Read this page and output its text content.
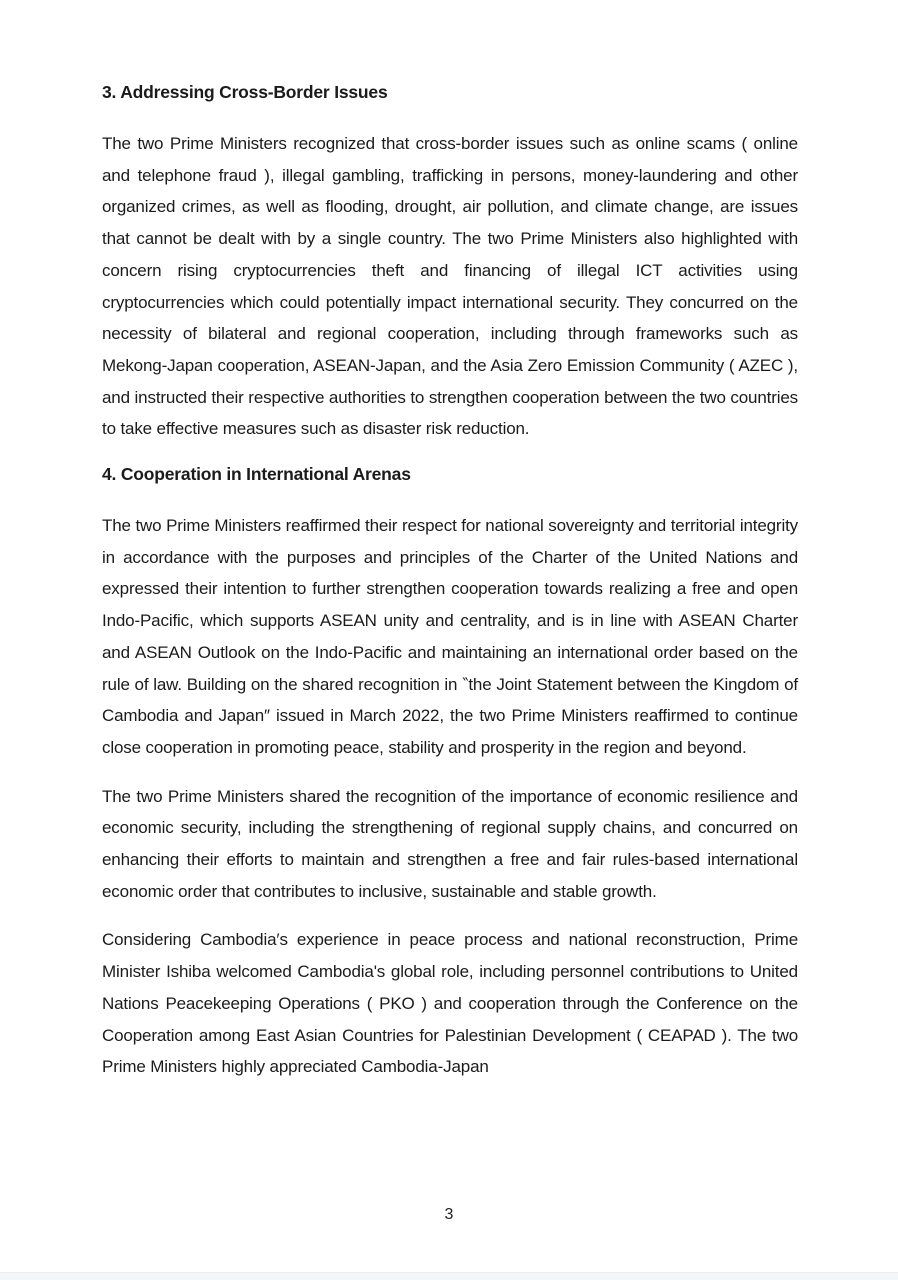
3. Addressing Cross-Border Issues

The two Prime Ministers recognized that cross-border issues such as online scams ( online and telephone fraud ), illegal gambling, trafficking in persons, money-laundering and other organized crimes, as well as flooding, drought, air pollution, and climate change, are issues that cannot be dealt with by a single country. The two Prime Ministers also highlighted with concern rising cryptocurrencies theft and financing of illegal ICT activities using cryptocurrencies which could potentially impact international security. They concurred on the necessity of bilateral and regional cooperation, including through frameworks such as Mekong-Japan cooperation, ASEAN-Japan, and the Asia Zero Emission Community ( AZEC ), and instructed their respective authorities to strengthen cooperation between the two countries to take effective measures such as disaster risk reduction.

4. Cooperation in International Arenas

The two Prime Ministers reaffirmed their respect for national sovereignty and territorial integrity in accordance with the purposes and principles of the Charter of the United Nations and expressed their intention to further strengthen cooperation towards realizing a free and open Indo-Pacific, which supports ASEAN unity and centrality, and is in line with ASEAN Charter and ASEAN Outlook on the Indo-Pacific and maintaining an international order based on the rule of law. Building on the shared recognition in ‶the Joint Statement between the Kingdom of Cambodia and Japan″ issued in March 2022, the two Prime Ministers reaffirmed to continue close cooperation in promoting peace, stability and prosperity in the region and beyond.

The two Prime Ministers shared the recognition of the importance of economic resilience and economic security, including the strengthening of regional supply chains, and concurred on enhancing their efforts to maintain and strengthen a free and fair rules-based international economic order that contributes to inclusive, sustainable and stable growth.

Considering Cambodia′s experience in peace process and national reconstruction, Prime Minister Ishiba welcomed Cambodia's global role, including personnel contributions to United Nations Peacekeeping Operations ( PKO ) and cooperation through the Conference on the Cooperation among East Asian Countries for Palestinian Development ( CEAPAD ). The two Prime Ministers highly appreciated Cambodia-Japan

3
